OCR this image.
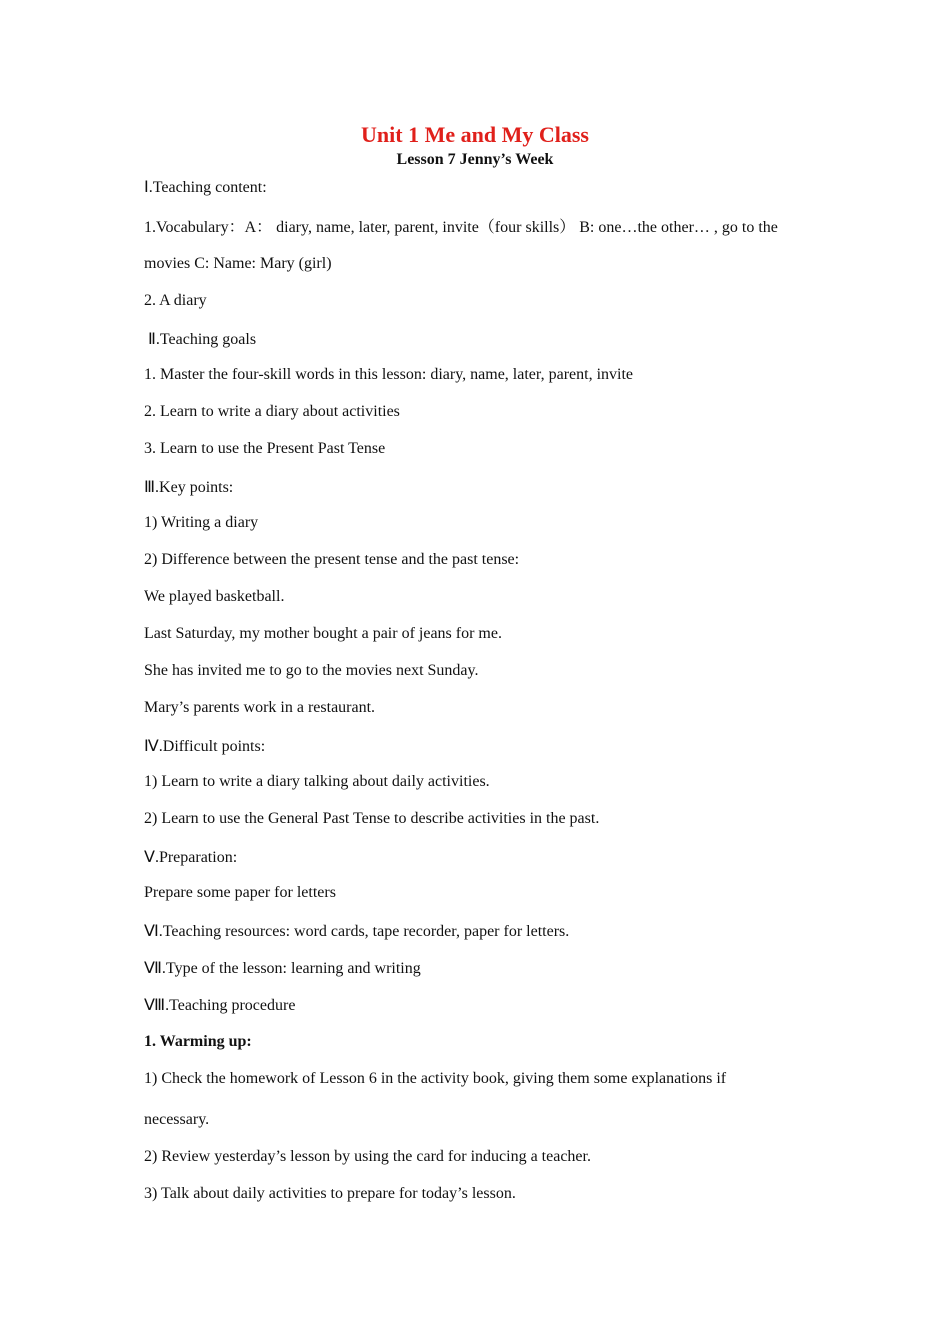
Unit 1 Me and My Class
Lesson 7 Jenny’s Week
Ⅰ.Teaching content:
1.Vocabulary：A： diary, name, later, parent, invite（four skills） B: one…the other… , go to the
movies C: Name: Mary (girl)
2. A diary
Ⅱ.Teaching goals
1. Master the four-skill words in this lesson: diary, name, later, parent, invite
2. Learn to write a diary about activities
3. Learn to use the Present Past Tense
Ⅲ.Key points:
1) Writing a diary
2) Difference between the present tense and the past tense:
We played basketball.
Last Saturday, my mother bought a pair of jeans for me.
She has invited me to go to the movies next Sunday.
Mary’s parents work in a restaurant.
Ⅳ.Difficult points:
1) Learn to write a diary talking about daily activities.
2) Learn to use the General Past Tense to describe activities in the past.
Ⅴ.Preparation:
Prepare some paper for letters
Ⅵ.Teaching resources: word cards, tape recorder, paper for letters.
Ⅶ.Type of the lesson: learning and writing
Ⅷ.Teaching procedure
1. Warming up:
1) Check the homework of Lesson 6 in the activity book, giving them some explanations if
necessary.
2) Review yesterday’s lesson by using the card for inducing a teacher.
3) Talk about daily activities to prepare for today’s lesson.
